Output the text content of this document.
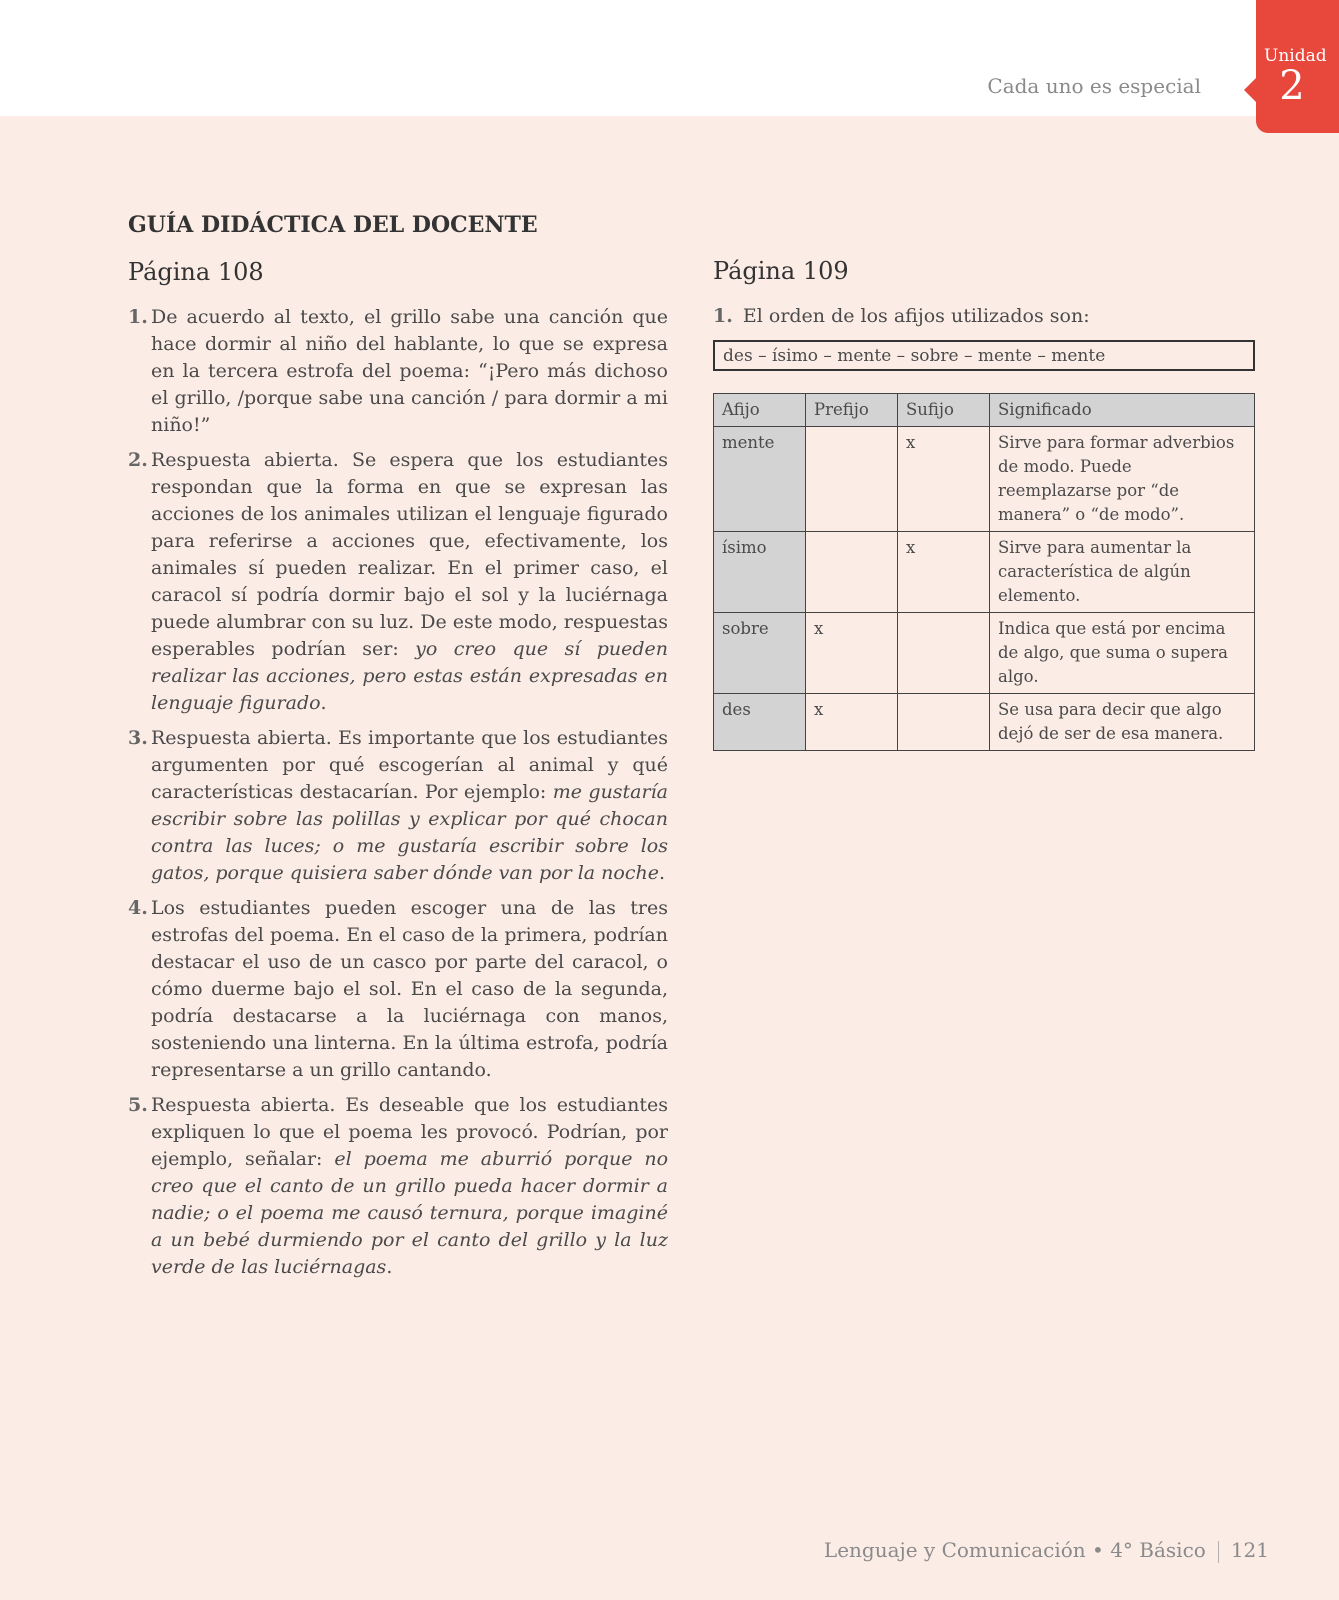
Cada uno es especial
Unidad
2
GUÍA DIDÁCTICA DEL DOCENTE
Página 108
1. De acuerdo al texto, el grillo sabe una canción que hace dormir al niño del hablante, lo que se expresa en la tercera estrofa del poema: “¡Pero más dichoso el grillo, /porque sabe una canción / para dormir a mi niño!”
2. Respuesta abierta. Se espera que los estudiantes respondan que la forma en que se expresan las acciones de los animales utilizan el lenguaje figurado para referirse a acciones que, efectivamente, los animales sí pueden realizar. En el primer caso, el caracol sí podría dormir bajo el sol y la luciérnaga puede alumbrar con su luz. De este modo, respuestas esperables podrían ser: yo creo que sí pueden realizar las acciones, pero estas están expresadas en lenguaje figurado.
3. Respuesta abierta. Es importante que los estudiantes argumenten por qué escogerían al animal y qué características destacarían. Por ejemplo: me gustaría escribir sobre las polillas y explicar por qué chocan contra las luces; o me gustaría escribir sobre los gatos, porque quisiera saber dónde van por la noche.
4. Los estudiantes pueden escoger una de las tres estrofas del poema. En el caso de la primera, podrían destacar el uso de un casco por parte del caracol, o cómo duerme bajo el sol. En el caso de la segunda, podría destacarse a la luciérnaga con manos, sosteniendo una linterna. En la última estrofa, podría representarse a un grillo cantando.
5. Respuesta abierta. Es deseable que los estudiantes expliquen lo que el poema les provocó. Podrían, por ejemplo, señalar: el poema me aburrió porque no creo que el canto de un grillo pueda hacer dormir a nadie; o el poema me causó ternura, porque imaginé a un bebé durmiendo por el canto del grillo y la luz verde de las luciérnagas.
Página 109
1. El orden de los afijos utilizados son:
des – ísimo – mente – sobre – mente – mente
Afijo	Prefijo	Sufijo	Significado
mente		x	Sirve para formar adverbios de modo. Puede reemplazarse por “de manera” o “de modo”.
ísimo		x	Sirve para aumentar la característica de algún elemento.
sobre	x		Indica que está por encima de algo, que suma o supera algo.
des	x		Se usa para decir que algo dejó de ser de esa manera.
Lenguaje y Comunicación • 4° Básico 121
